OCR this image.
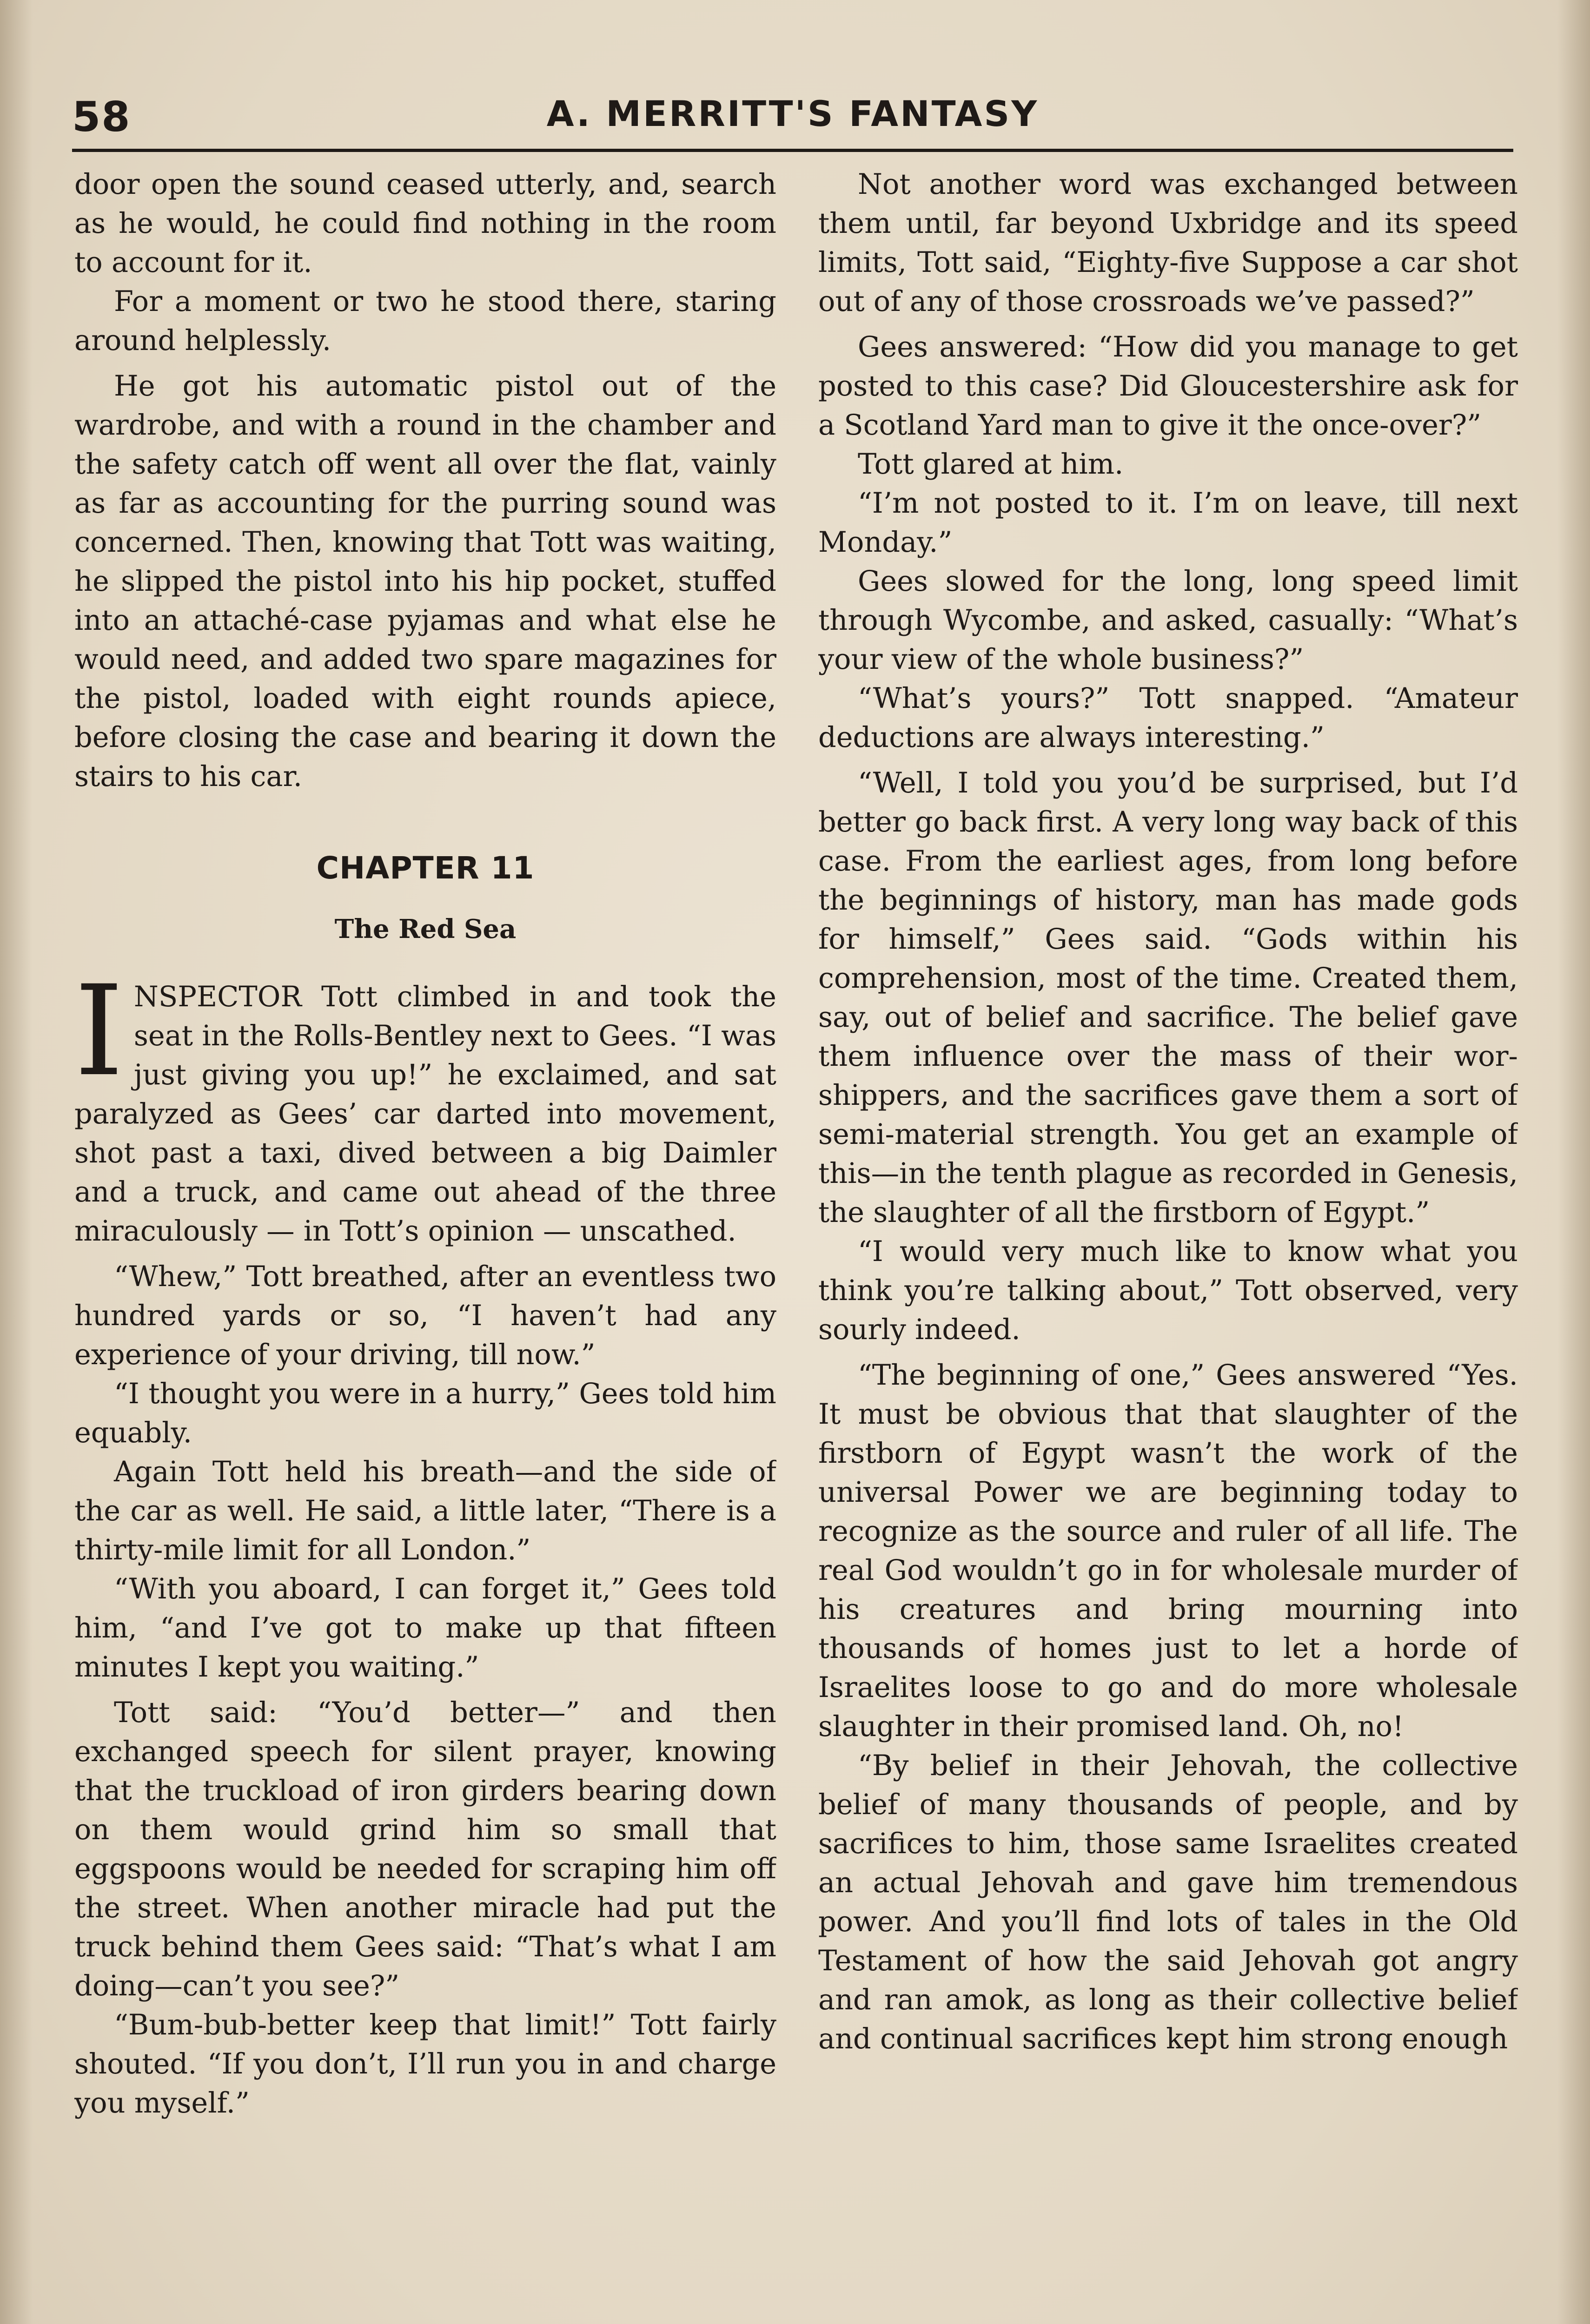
58	A. MERRITT'S FANTASY

door open the sound ceased utterly, and, search as he would, he could find nothing in the room to account for it.

For a moment or two he stood there, staring around helplessly.

He got his automatic pistol out of the wardrobe, and with a round in the chamber and the safety catch off went all over the flat, vainly as far as accounting for the purring sound was concerned. Then, knowing that Tott was waiting, he slipped the pistol into his hip pocket, stuffed into an attaché-case pyjamas and what else he would need, and added two spare magazines for the pistol, loaded with eight rounds apiece, before closing the case and bearing it down the stairs to his car.

CHAPTER 11
The Red Sea

INSPECTOR Tott climbed in and took the seat in the Rolls-Bentley next to Gees. “I was just giving you up!” he exclaimed, and sat paralyzed as Gees’ car darted into movement, shot past a taxi, dived between a big Daimler and a truck, and came out ahead of the three miraculously — in Tott’s opinion — unscathed.

“Whew,” Tott breathed, after an eventless two hundred yards or so, “I haven’t had any experience of your driving, till now.”

“I thought you were in a hurry,” Gees told him equably.

Again Tott held his breath—and the side of the car as well. He said, a little later, “There is a thirty-mile limit for all London.”

“With you aboard, I can forget it,” Gees told him, “and I’ve got to make up that fifteen minutes I kept you waiting.”

Tott said: “You’d better—” and then exchanged speech for silent prayer, knowing that the truckload of iron girders bearing down on them would grind him so small that eggspoons would be needed for scraping him off the street. When another miracle had put the truck behind them Gees said: “That’s what I am doing—can’t you see?”

“Bum-bub-better keep that limit!” Tott fairly shouted. “If you don’t, I’ll run you in and charge you myself.”

Not another word was exchanged between them until, far beyond Uxbridge and its speed limits, Tott said, “Eighty-five Suppose a car shot out of any of those crossroads we’ve passed?”

Gees answered: “How did you manage to get posted to this case? Did Gloucestershire ask for a Scotland Yard man to give it the once-over?”

Tott glared at him.

“I’m not posted to it. I’m on leave, till next Monday.”

Gees slowed for the long, long speed limit through Wycombe, and asked, casually: “What’s your view of the whole business?”

“What’s yours?” Tott snapped. “Amateur deductions are always interesting.”

“Well, I told you you’d be surprised, but I’d better go back first. A very long way back of this case. From the earliest ages, from long before the beginnings of history, man has made gods for himself,” Gees said. “Gods within his comprehension, most of the time. Created them, say, out of belief and sacrifice. The belief gave them influence over the mass of their worshippers, and the sacrifices gave them a sort of semi-material strength. You get an example of this—in the tenth plague as recorded in Genesis, the slaughter of all the firstborn of Egypt.”

“I would very much like to know what you think you’re talking about,” Tott observed, very sourly indeed.

“The beginning of one,” Gees answered “Yes. It must be obvious that that slaughter of the firstborn of Egypt wasn’t the work of the universal Power we are beginning today to recognize as the source and ruler of all life. The real God wouldn’t go in for wholesale murder of his creatures and bring mourning into thousands of homes just to let a horde of Israelites loose to go and do more wholesale slaughter in their promised land. Oh, no!

“By belief in their Jehovah, the collective belief of many thousands of people, and by sacrifices to him, those same Israelites created an actual Jehovah and gave him tremendous power. And you’ll find lots of tales in the Old Testament of how the said Jehovah got angry and ran amok, as long as their collective belief and continual sacrifices kept him strong enough
